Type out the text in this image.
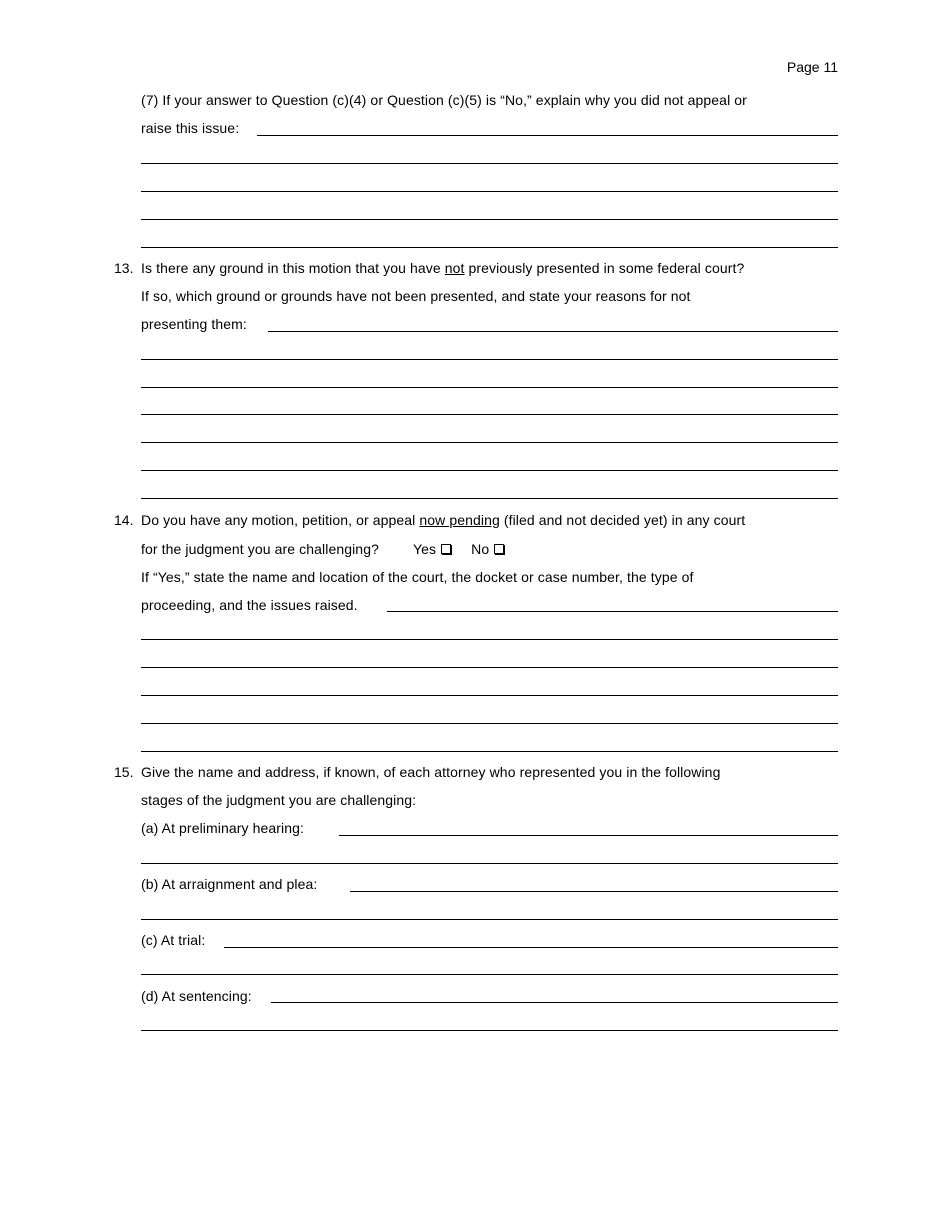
Page 11
(7) If your answer to Question (c)(4) or Question (c)(5) is “No,” explain why you did not appeal or
raise this issue:
13. Is there any ground in this motion that you have not previously presented in some federal court?
If so, which ground or grounds have not been presented, and state your reasons for not
presenting them:
14. Do you have any motion, petition, or appeal now pending (filed and not decided yet) in any court
for the judgment you are challenging? Yes	No
If “Yes,” state the name and location of the court, the docket or case number, the type of
proceeding, and the issues raised.
15. Give the name and address, if known, of each attorney who represented you in the following
stages of the judgment you are challenging:
(a) At preliminary hearing:
(b) At arraignment and plea:
(c) At trial:
(d) At sentencing:
